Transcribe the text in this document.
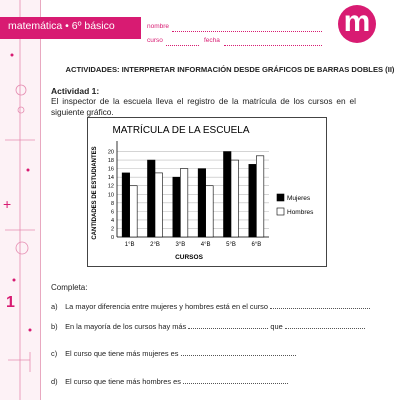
+
1
matemática • 6º básico	nombre
curso	fecha
m
ACTIVIDADES: INTERPRETAR INFORMACIÓN DESDE GRÁFICOS DE BARRAS DOBLES (II)
Actividad 1:
El inspector de la escuela lleva el registro de la matrícula de los cursos en el siguiente gráfico.
MATRÍCULA DE LA ESCUELA
CURSOS
CANTIDADES DE ESTUDIANTES 0
2
4
6
8
10
12
14
16
18
20
1°B	2°B	3°B	4°B	5°B	6°B
Mujeres
Hombres
Completa:
a) La mayor diferencia entre mujeres y hombres está en el curso
b) En la mayoría de los cursos hay más	que
c) El curso que tiene más mujeres es
d) El curso que tiene más hombres es
